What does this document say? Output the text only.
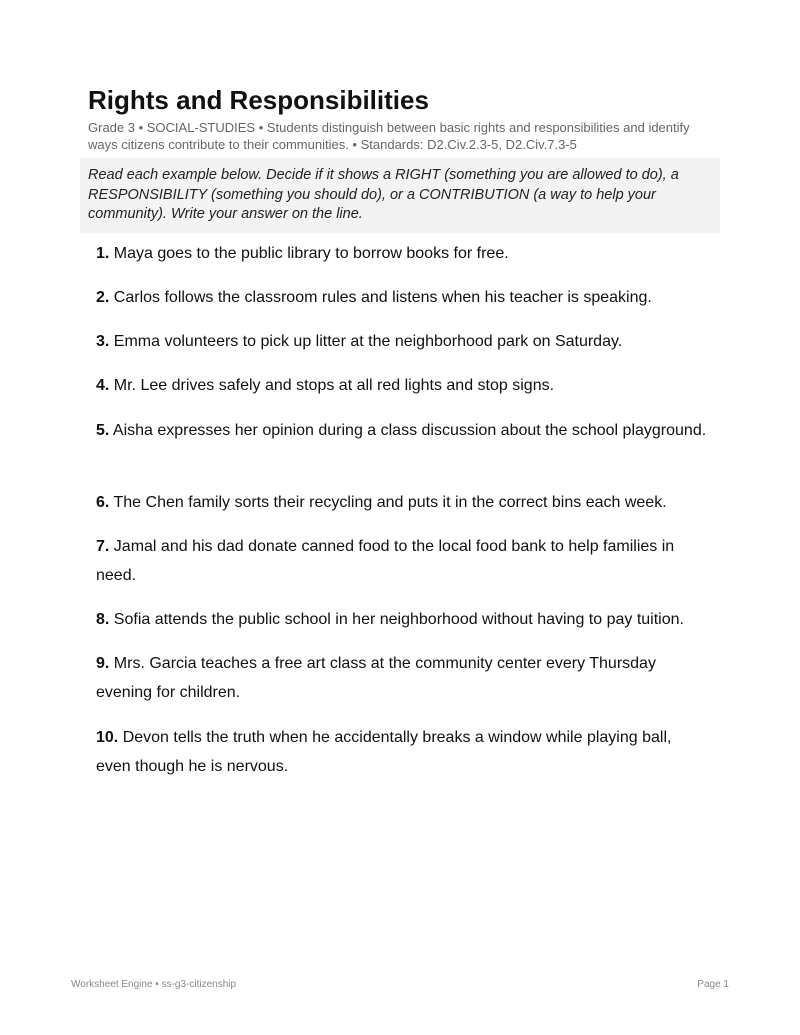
Rights and Responsibilities
Grade 3 • SOCIAL-STUDIES • Students distinguish between basic rights and responsibilities and identify ways citizens contribute to their communities. • Standards: D2.Civ.2.3-5, D2.Civ.7.3-5
Read each example below. Decide if it shows a RIGHT (something you are allowed to do), a RESPONSIBILITY (something you should do), or a CONTRIBUTION (a way to help your community). Write your answer on the line.
1. Maya goes to the public library to borrow books for free.
2. Carlos follows the classroom rules and listens when his teacher is speaking.
3. Emma volunteers to pick up litter at the neighborhood park on Saturday.
4. Mr. Lee drives safely and stops at all red lights and stop signs.
5. Aisha expresses her opinion during a class discussion about the school playground.
6. The Chen family sorts their recycling and puts it in the correct bins each week.
7. Jamal and his dad donate canned food to the local food bank to help families in need.
8. Sofia attends the public school in her neighborhood without having to pay tuition.
9. Mrs. Garcia teaches a free art class at the community center every Thursday evening for children.
10. Devon tells the truth when he accidentally breaks a window while playing ball, even though he is nervous.
Worksheet Engine • ss-g3-citizenship	Page 1
